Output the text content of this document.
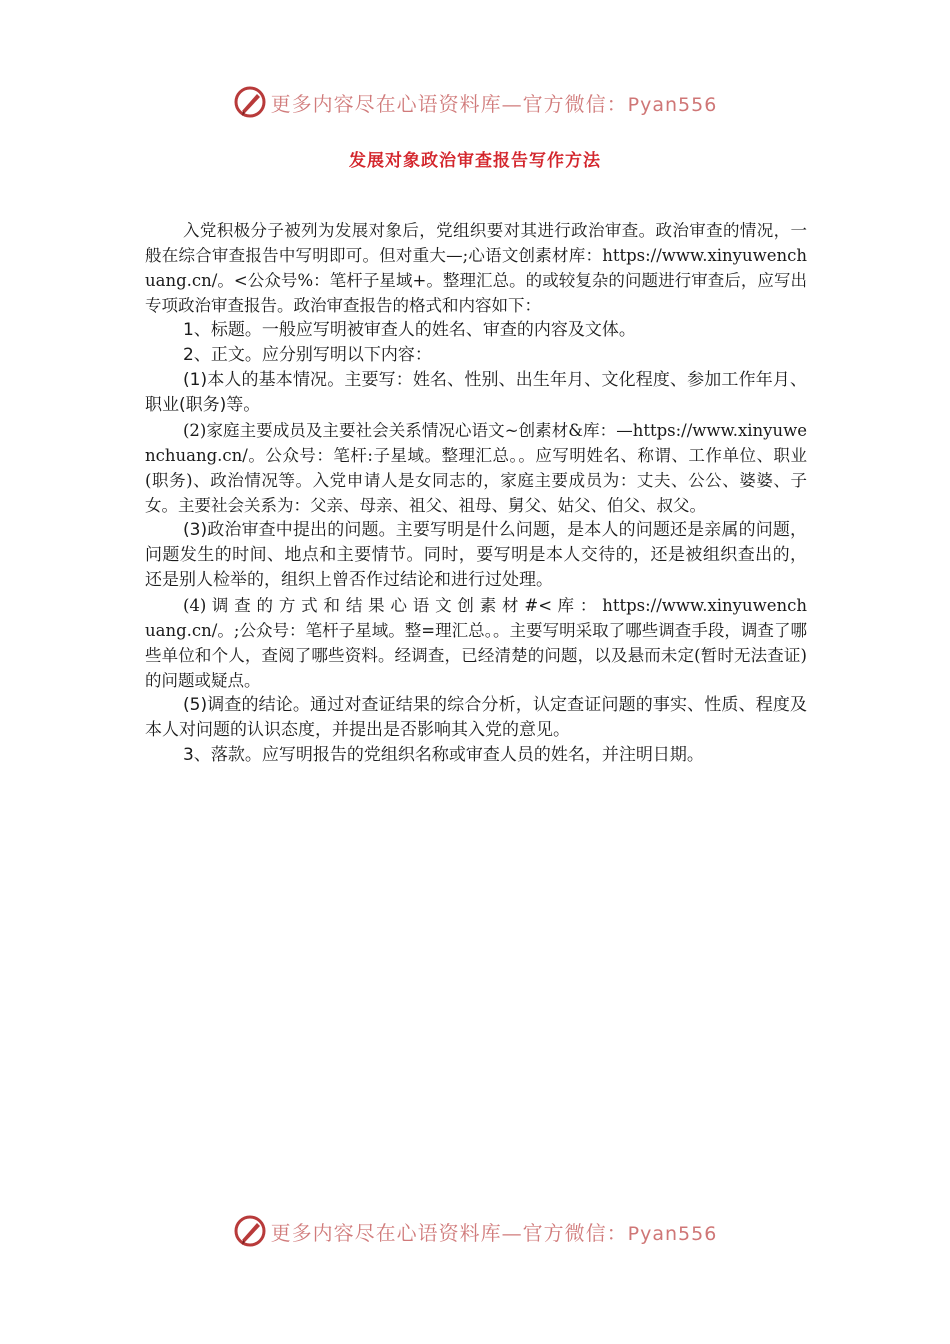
更多内容尽在心语资料库—官方微信：Pyan556
发展对象政治审查报告写作方法

入党积极分子被列为发展对象后，党组织要对其进行政治审查。政治审查的情况，一般在综合审查报告中写明即可。但对重大—;心语文创素材库：https://www.xinyuwenchuang.cn/。<公众号%：笔杆子星域+。整理汇总。的或较复杂的问题进行审查后，应写出专项政治审查报告。政治审查报告的格式和内容如下：

1、标题。一般应写明被审查人的姓名、审查的内容及文体。

2、正文。应分别写明以下内容：

(1)本人的基本情况。主要写：姓名、性别、出生年月、文化程度、参加工作年月、职业(职务)等。

(2)家庭主要成员及主要社会关系情况心语文~创素材&库：—https://www.xinyuwenchuang.cn/。公众号：笔杆:子星域。整理汇总。。应写明姓名、称谓、工作单位、职业(职务)、政治情况等。入党申请人是女同志的，家庭主要成员为：丈夫、公公、婆婆、子女。主要社会关系为：父亲、母亲、祖父、祖母、舅父、姑父、伯父、叔父。

(3)政治审查中提出的问题。主要写明是什么问题，是本人的问题还是亲属的问题，问题发生的时间、地点和主要情节。同时，要写明是本人交待的，还是被组织查出的，还是别人检举的，组织上曾否作过结论和进行过处理。

(4) 调 查 的 方 式 和 结 果 心 语 文 创 素 材 #< 库 ： https://www.xinyuwenchuang.cn/。;公众号：笔杆子星域。整=理汇总。。主要写明采取了哪些调查手段，调查了哪些单位和个人，查阅了哪些资料。经调查，已经清楚的问题，以及悬而未定(暂时无法查证)的问题或疑点。

(5)调查的结论。通过对查证结果的综合分析，认定查证问题的事实、性质、程度及本人对问题的认识态度，并提出是否影响其入党的意见。

3、落款。应写明报告的党组织名称或审查人员的姓名，并注明日期。

更多内容尽在心语资料库—官方微信：Pyan556
